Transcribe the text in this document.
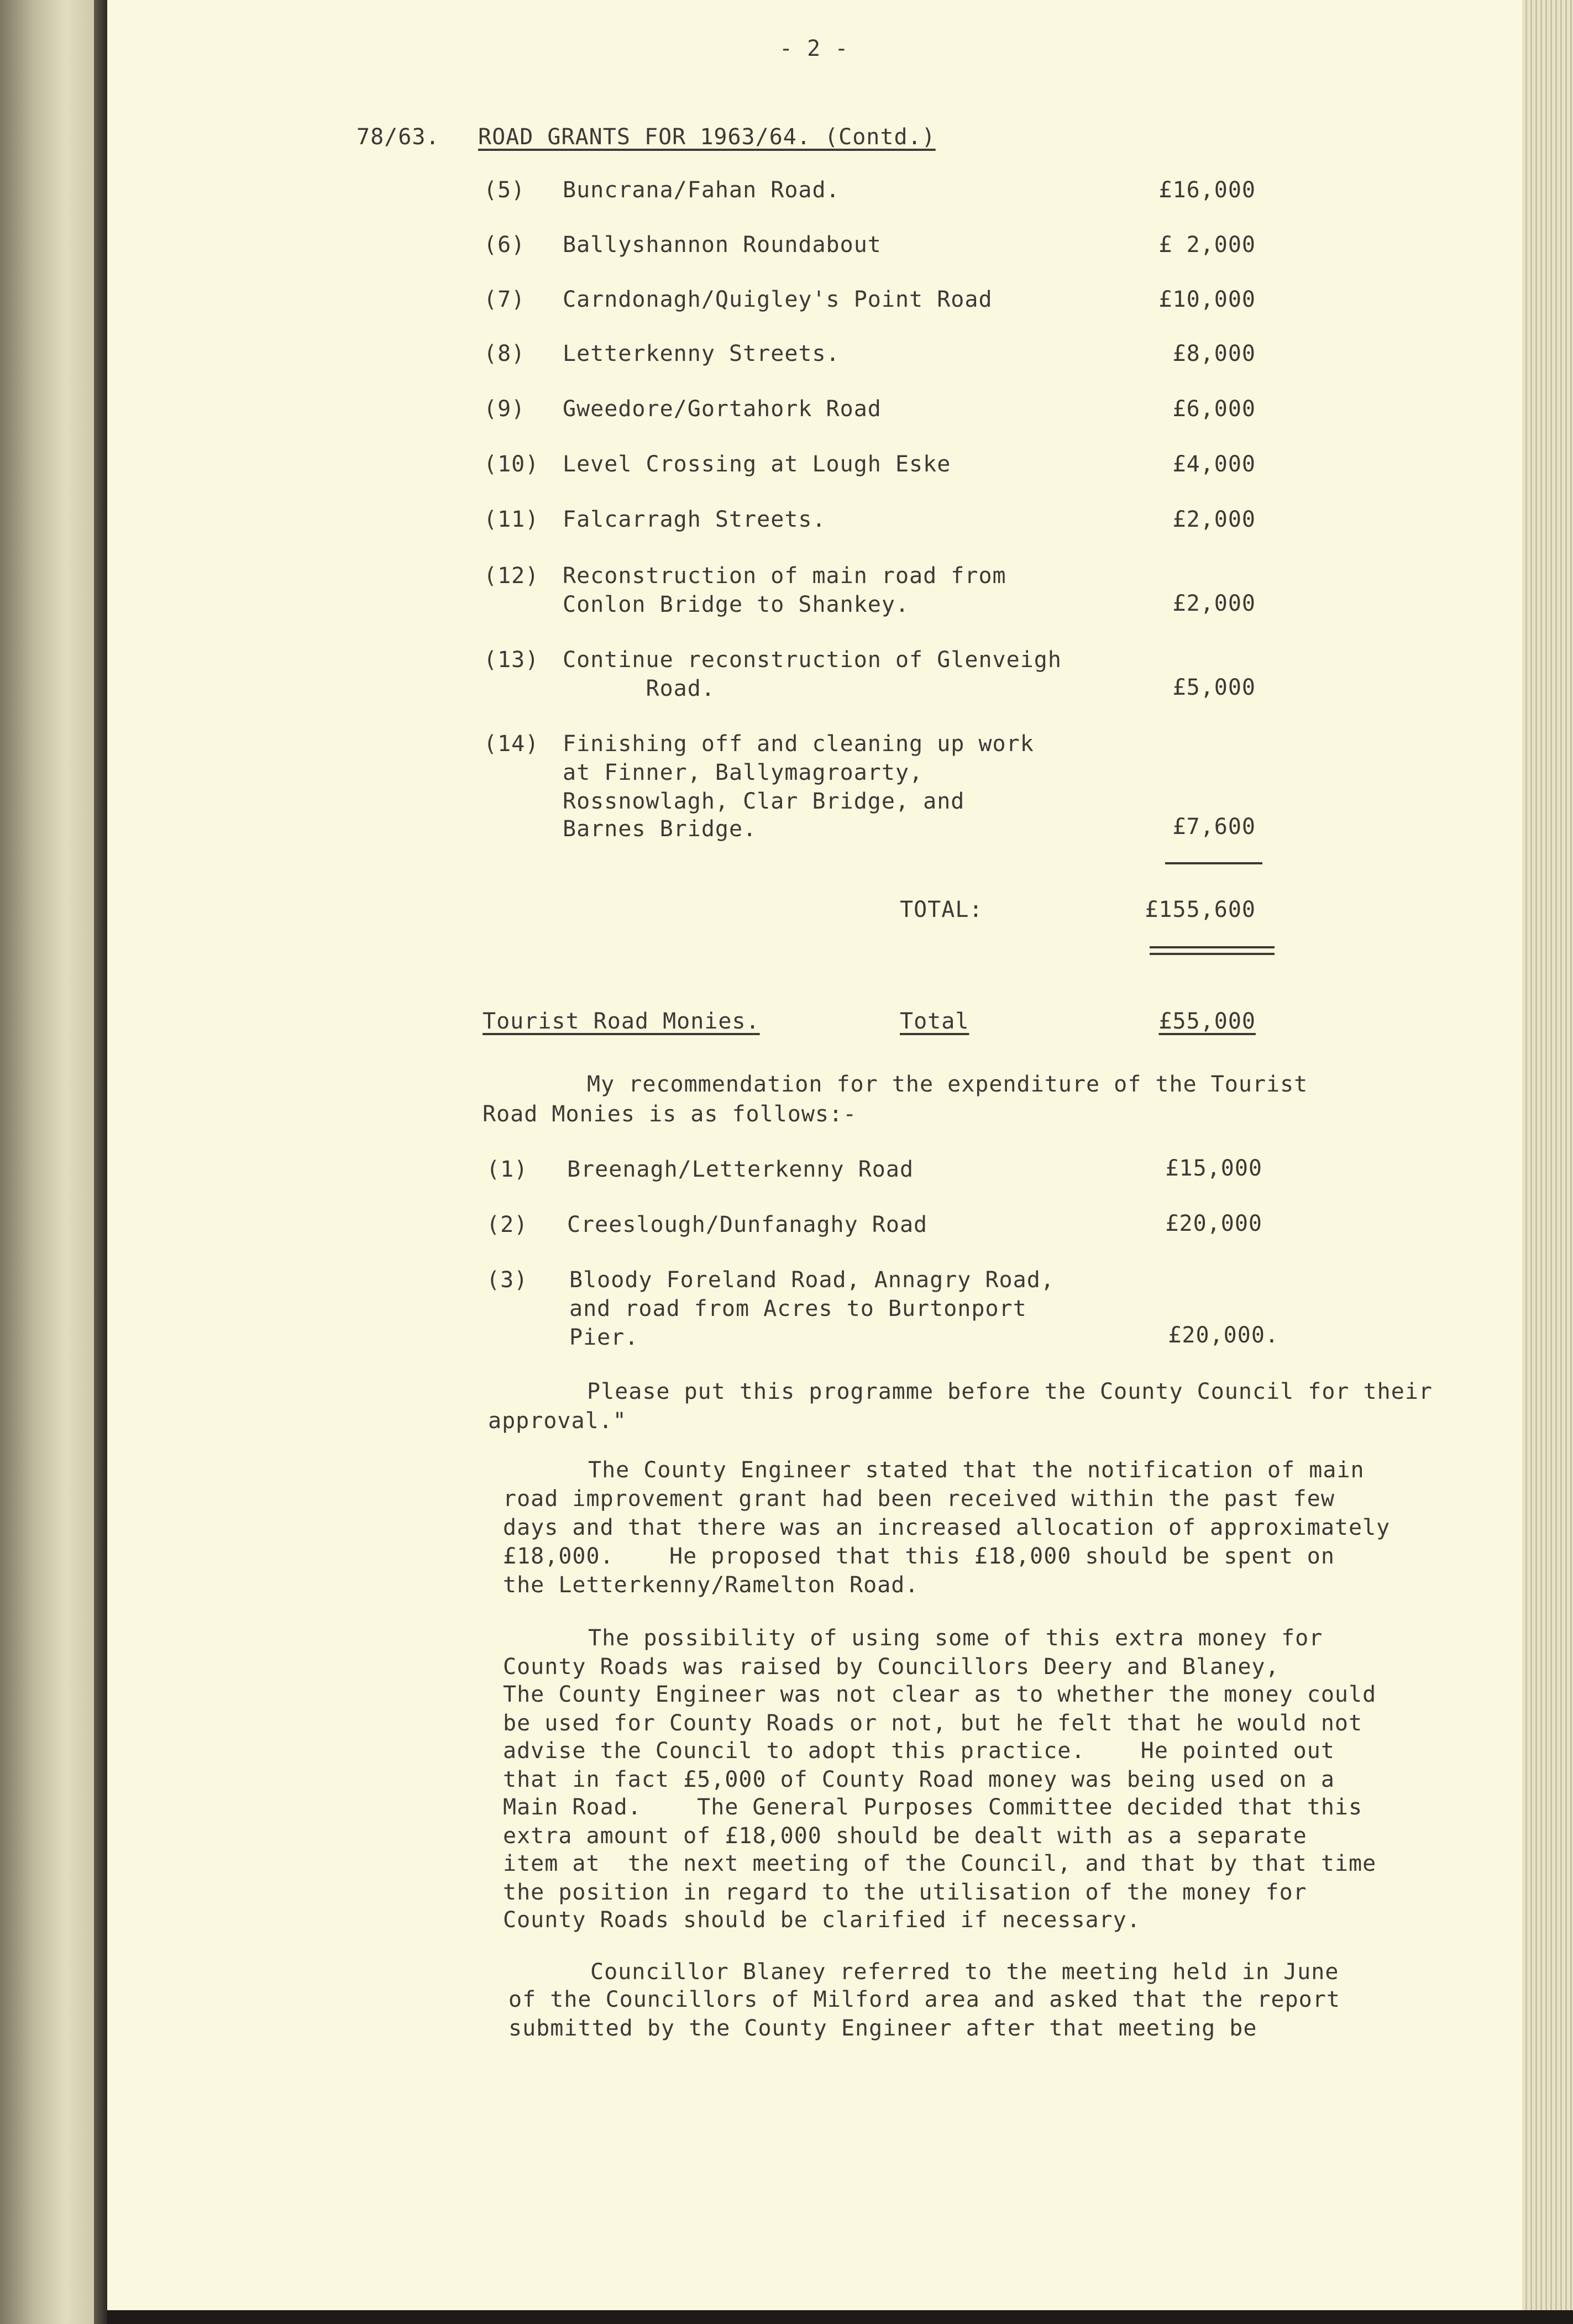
- 2 -
78/63. ROAD GRANTS FOR 1963/64. (Contd.)
(5) Buncrana/Fahan Road.	£16,000
(6) Ballyshannon Roundabout	£ 2,000
(7) Carndonagh/Quigley's Point Road	£10,000
(8) Letterkenny Streets.	£8,000
(9) Gweedore/Gortahork Road	£6,000
(10) Level Crossing at Lough Eske	£4,000
(11) Falcarragh Streets.	£2,000
(12) Reconstruction of main road from
Conlon Bridge to Shankey.	£2,000
(13) Continue reconstruction of Glenveigh
Road.	£5,000
(14) Finishing off and cleaning up work
at Finner, Ballymagroarty,
Rossnowlagh, Clar Bridge, and
Barnes Bridge.	£7,600
TOTAL:	£155,600
Tourist Road Monies.	Total	£55,000
My recommendation for the expenditure of the Tourist
Road Monies is as follows:-
(1) Breenagh/Letterkenny Road	£15,000
(2) Creeslough/Dunfanaghy Road	£20,000
(3) Bloody Foreland Road, Annagry Road,
and road from Acres to Burtonport
Pier.	£20,000.
Please put this programme before the County Council for their
approval."
The County Engineer stated that the notification of main
road improvement grant had been received within the past few
days and that there was an increased allocation of approximately
£18,000.    He proposed that this £18,000 should be spent on
the Letterkenny/Ramelton Road.
The possibility of using some of this extra money for
County Roads was raised by Councillors Deery and Blaney,
The County Engineer was not clear as to whether the money could
be used for County Roads or not, but he felt that he would not
advise the Council to adopt this practice.    He pointed out
that in fact £5,000 of County Road money was being used on a
Main Road.    The General Purposes Committee decided that this
extra amount of £18,000 should be dealt with as a separate
item at  the next meeting of the Council, and that by that time
the position in regard to the utilisation of the money for
County Roads should be clarified if necessary.
Councillor Blaney referred to the meeting held in June
of the Councillors of Milford area and asked that the report
submitted by the County Engineer after that meeting be
